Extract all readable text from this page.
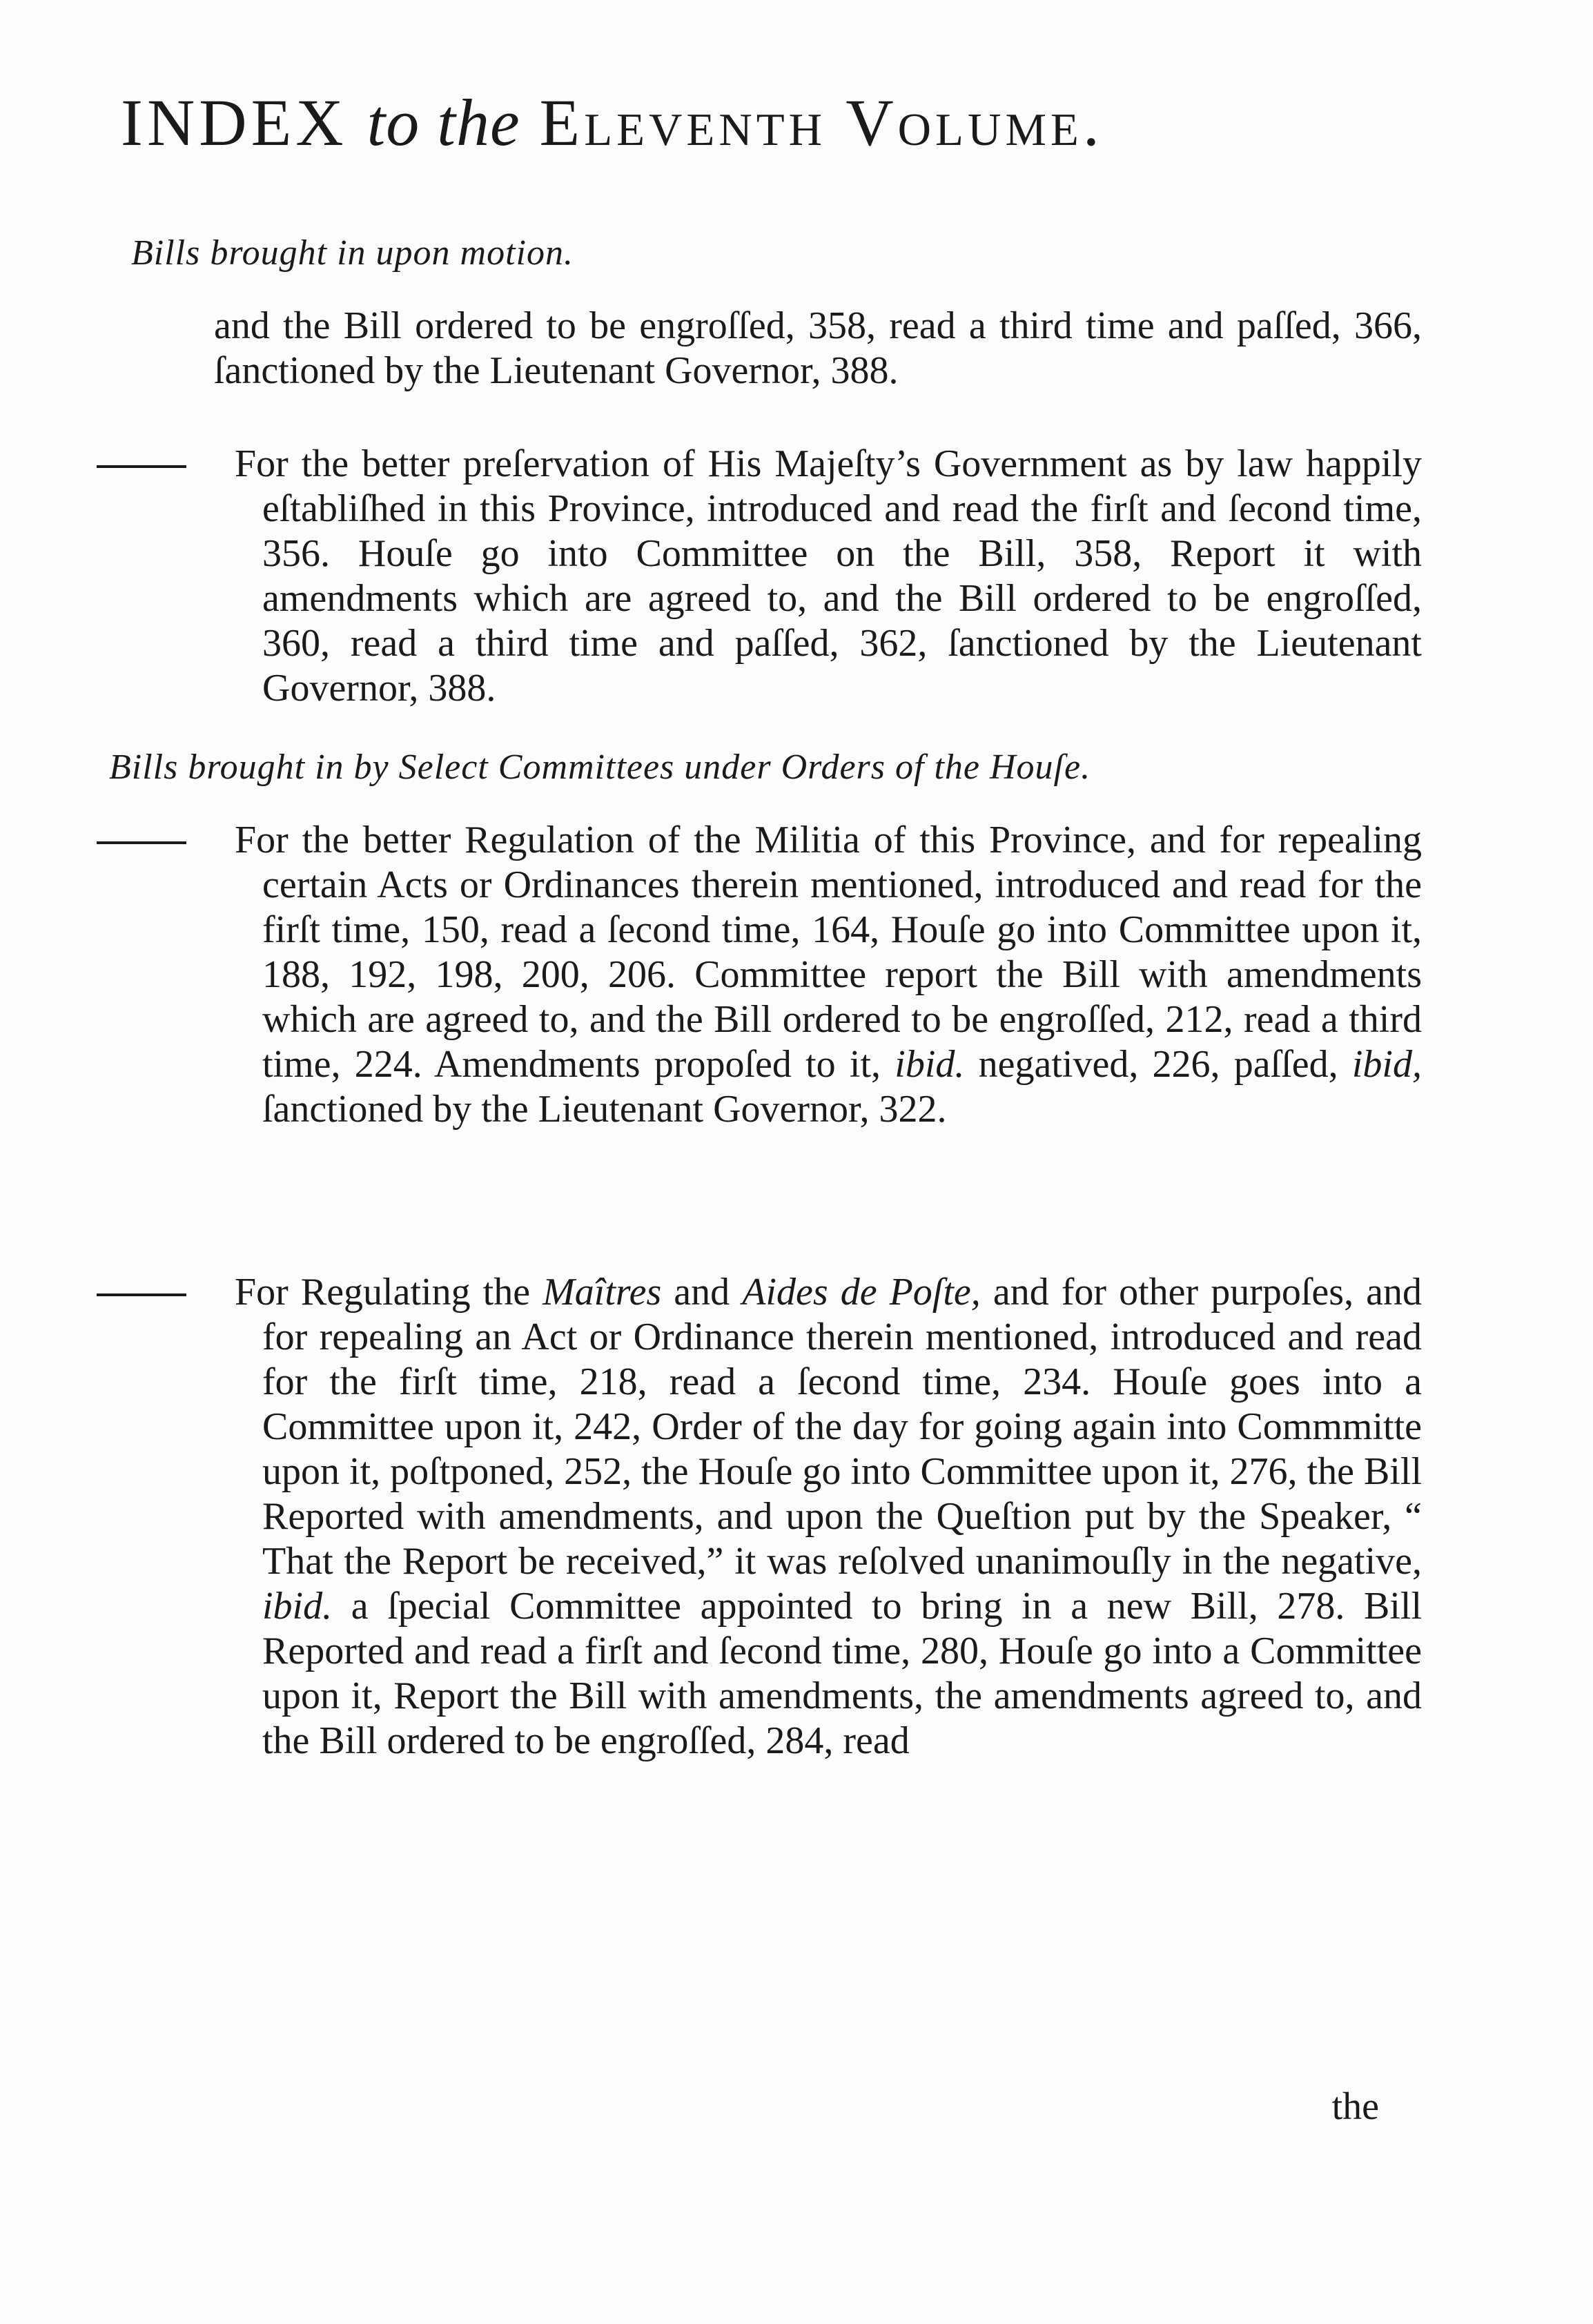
INDEX to the Eleventh Volume.
Bills brought in upon motion.
and the Bill ordered to be engroſſed, 358, read a third time and paſſed, 366, ſanctioned by the Lieutenant Governor, 388.
For the better preſervation of His Majeſty’s Government as by law happily eſtabliſhed in this Province, introduced and read the firſt and ſecond time, 356. Houſe go into Committee on the Bill, 358, Report it with amendments which are agreed to, and the Bill ordered to be engroſſed, 360, read a third time and paſſed, 362, ſanctioned by the Lieutenant Governor, 388.
Bills brought in by Select Committees under Orders of the Houſe.
For the better Regulation of the Militia of this Province, and for repealing certain Acts or Ordinances therein mentioned, introduced and read for the firſt time, 150, read a ſecond time, 164, Houſe go into Committee upon it, 188, 192, 198, 200, 206. Committee report the Bill with amendments which are agreed to, and the Bill ordered to be engroſſed, 212, read a third time, 224. Amendments propoſed to it, ibid. negatived, 226, paſſed, ibid, ſanctioned by the Lieutenant Governor, 322.
For Regulating the Maîtres and Aides de Poſte, and for other purpoſes, and for repealing an Act or Ordinance therein mentioned, introduced and read for the firſt time, 218, read a ſecond time, 234. Houſe goes into a Committee upon it, 242, Order of the day for going again into Commmitte upon it, poſtponed, 252, the Houſe go into Committee upon it, 276, the Bill Reported with amendments, and upon the Queſtion put by the Speaker, “ That the Report be received,” it was reſolved unanimouſly in the negative, ibid. a ſpecial Committee appointed to bring in a new Bill, 278. Bill Reported and read a firſt and ſecond time, 280, Houſe go into a Committee upon it, Report the Bill with amendments, the amendments agreed to, and the Bill ordered to be engroſſed, 284, read
the
